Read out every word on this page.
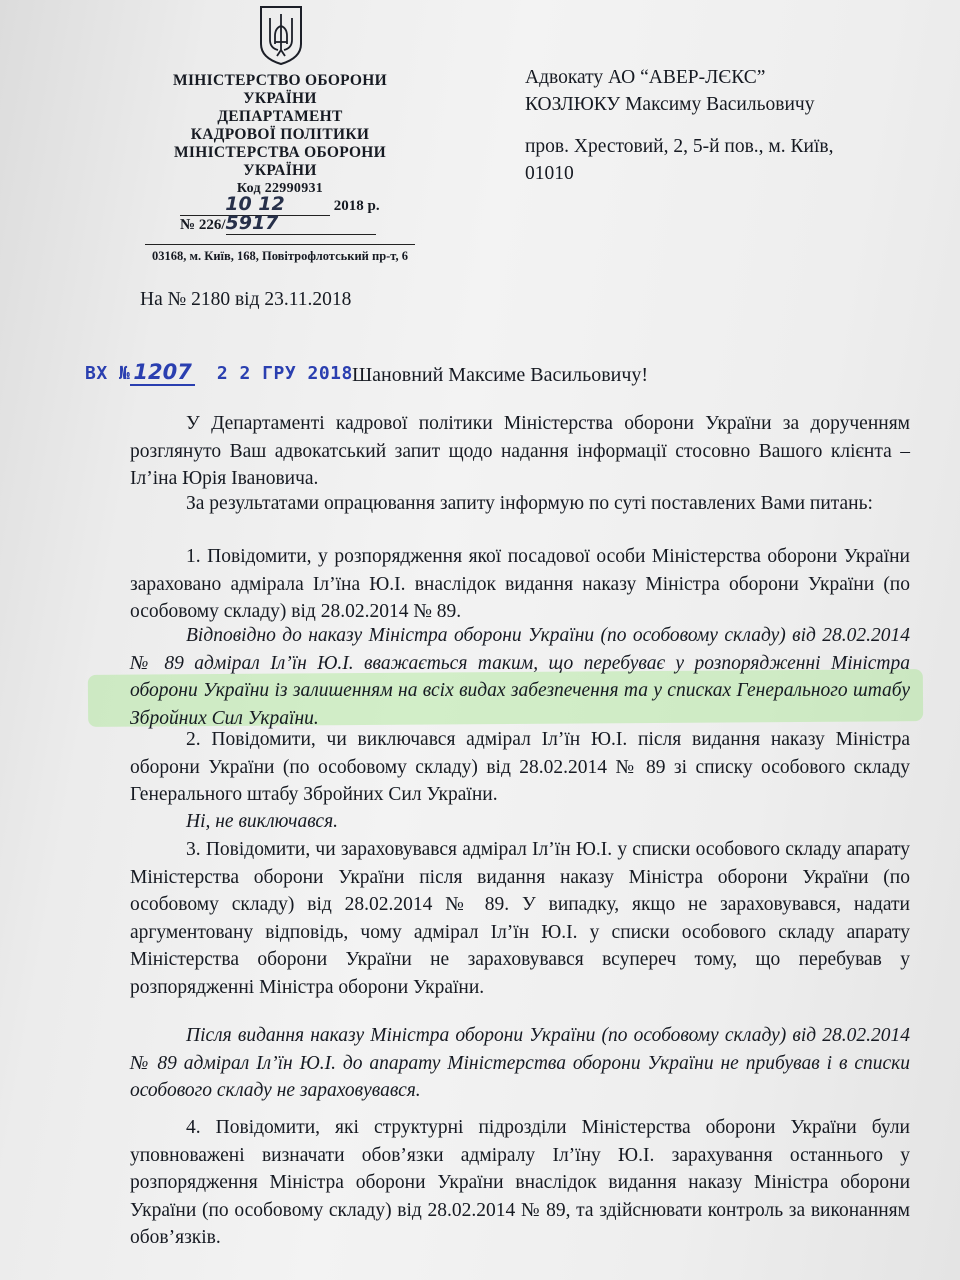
МІНІСТЕРСТВО ОБОРОНИ
УКРАЇНИ
ДЕПАРТАМЕНТ
КАДРОВОЇ ПОЛІТИКИ
МІНІСТЕРСТВА ОБОРОНИ
УКРАЇНИ
Код 22990931
10 12	2018 р.
№ 226/5917
03168, м. Київ, 168, Повітрофлотський пр-т, 6
Адвокату АО “АВЕР-ЛЄКС”
КОЗЛЮКУ Максиму Васильовичу
пров. Хрестовий, 2, 5-й пов., м. Київ,
01010
На № 2180 від 23.11.2018
ВХ № 1207 2 2 ГРУ 2018 Шановний Максиме Васильовичу!
У Департаменті кадрової політики Міністерства оборони України за дорученням розглянуто Ваш адвокатський запит щодо надання інформації стосовно Вашого клієнта – Іл’іна Юрія Івановича.
За результатами опрацювання запиту інформую по суті поставлених Вами питань:
1. Повідомити, у розпорядження якої посадової особи Міністерства оборони України зараховано адмірала Іл’їна Ю.І. внаслідок видання наказу Міністра оборони України (по особовому складу) від 28.02.2014 № 89.
Відповідно до наказу Міністра оборони України (по особовому складу) від 28.02.2014 № 89 адмірал Іл’їн Ю.І. вважається таким, що перебуває у розпорядженні Міністра оборони України із залишенням на всіх видах забезпечення та у списках Генерального штабу Збройних Сил України.
2. Повідомити, чи виключався адмірал Іл’їн Ю.І. після видання наказу Міністра оборони України (по особовому складу) від 28.02.2014 № 89 зі списку особового складу Генерального штабу Збройних Сил України.
Ні, не виключався.
3. Повідомити, чи зараховувався адмірал Іл’їн Ю.І. у списки особового складу апарату Міністерства оборони України після видання наказу Міністра оборони України (по особовому складу) від 28.02.2014 № 89. У випадку, якщо не зараховувався, надати аргументовану відповідь, чому адмірал Іл’їн Ю.І. у списки особового складу апарату Міністерства оборони України не зараховувався всупереч тому, що перебував у розпорядженні Міністра оборони України.
Після видання наказу Міністра оборони України (по особовому складу) від 28.02.2014 № 89 адмірал Іл’їн Ю.І. до апарату Міністерства оборони України не прибував і в списки особового складу не зараховувався.
4. Повідомити, які структурні підрозділи Міністерства оборони України були уповноважені визначати обов’язки адміралу Іл’їну Ю.І. зарахування останнього у розпорядження Міністра оборони України внаслідок видання наказу Міністра оборони України (по особовому складу) від 28.02.2014 № 89, та здійснювати контроль за виконанням обов’язків.
